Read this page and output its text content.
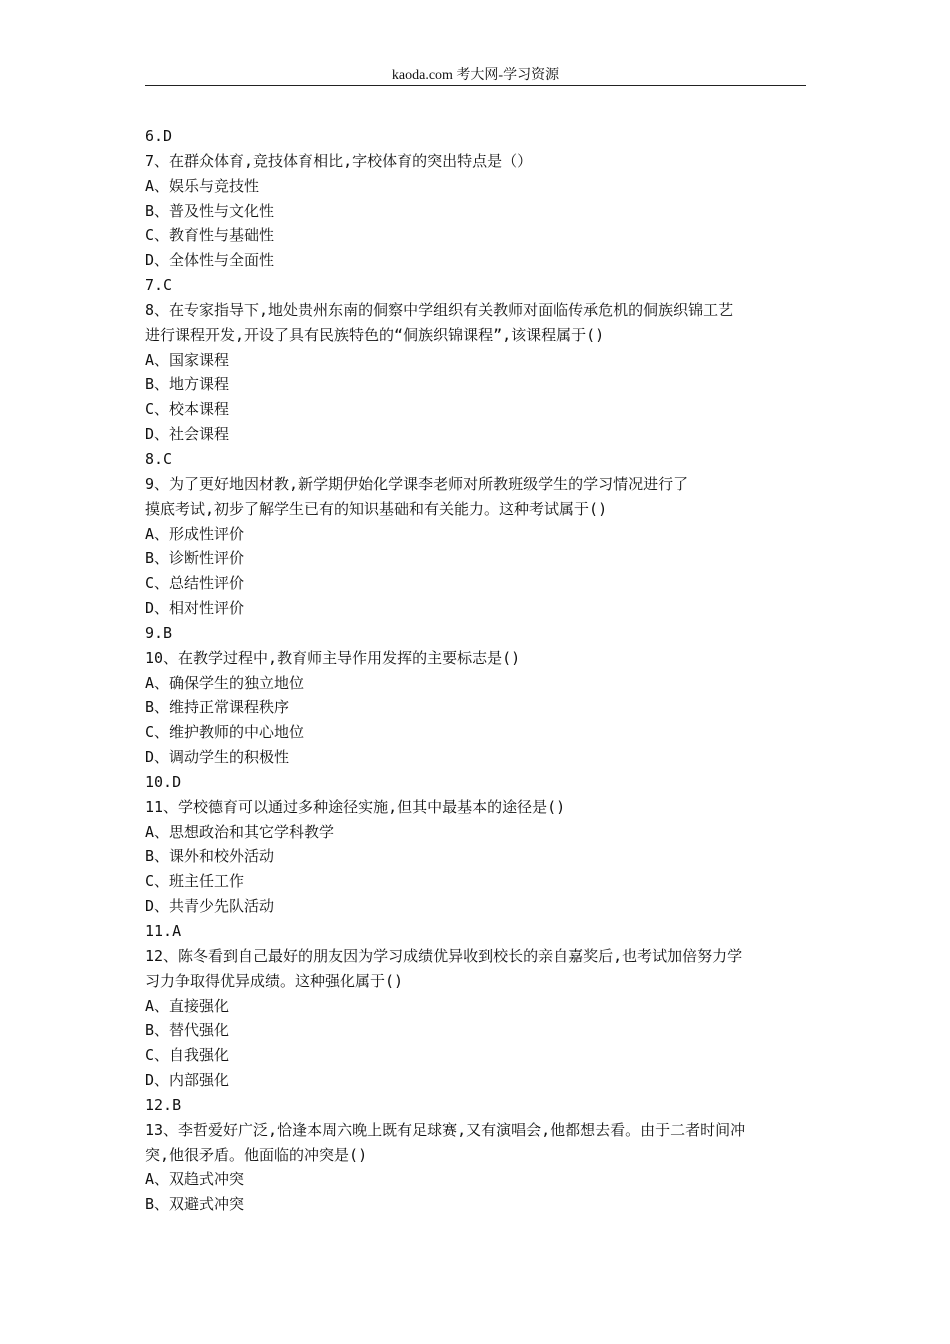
kaoda.com 考大网-学习资源
6.D
7、在群众体育,竞技体育相比,字校体育的突出特点是（）
A、娱乐与竞技性
B、普及性与文化性
C、教育性与基础性
D、全体性与全面性
7.C
8、在专家指导下,地处贵州东南的侗察中学组织有关教师对面临传承危机的侗族织锦工艺
进行课程开发,开设了具有民族特色的“侗族织锦课程”,该课程属于()
A、国家课程
B、地方课程
C、校本课程
D、社会课程
8.C
9、为了更好地因材教,新学期伊始化学课李老师对所教班级学生的学习情况进行了
摸底考试,初步了解学生已有的知识基础和有关能力。这种考试属于()
A、形成性评价
B、诊断性评价
C、总结性评价
D、相对性评价
9.B
10、在教学过程中,教育师主导作用发挥的主要标志是()
A、确保学生的独立地位
B、维持正常课程秩序
C、维护教师的中心地位
D、调动学生的积极性
10.D
11、学校德育可以通过多种途径实施,但其中最基本的途径是()
A、思想政治和其它学科教学
B、课外和校外活动
C、班主任工作
D、共青少先队活动
11.A
12、陈冬看到自己最好的朋友因为学习成绩优异收到校长的亲自嘉奖后,也考试加倍努力学
习力争取得优异成绩。这种强化属于()
A、直接强化
B、替代强化
C、自我强化
D、内部强化
12.B
13、李哲爱好广泛,恰逢本周六晚上既有足球赛,又有演唱会,他都想去看。由于二者时间冲
突,他很矛盾。他面临的冲突是()
A、双趋式冲突
B、双避式冲突
